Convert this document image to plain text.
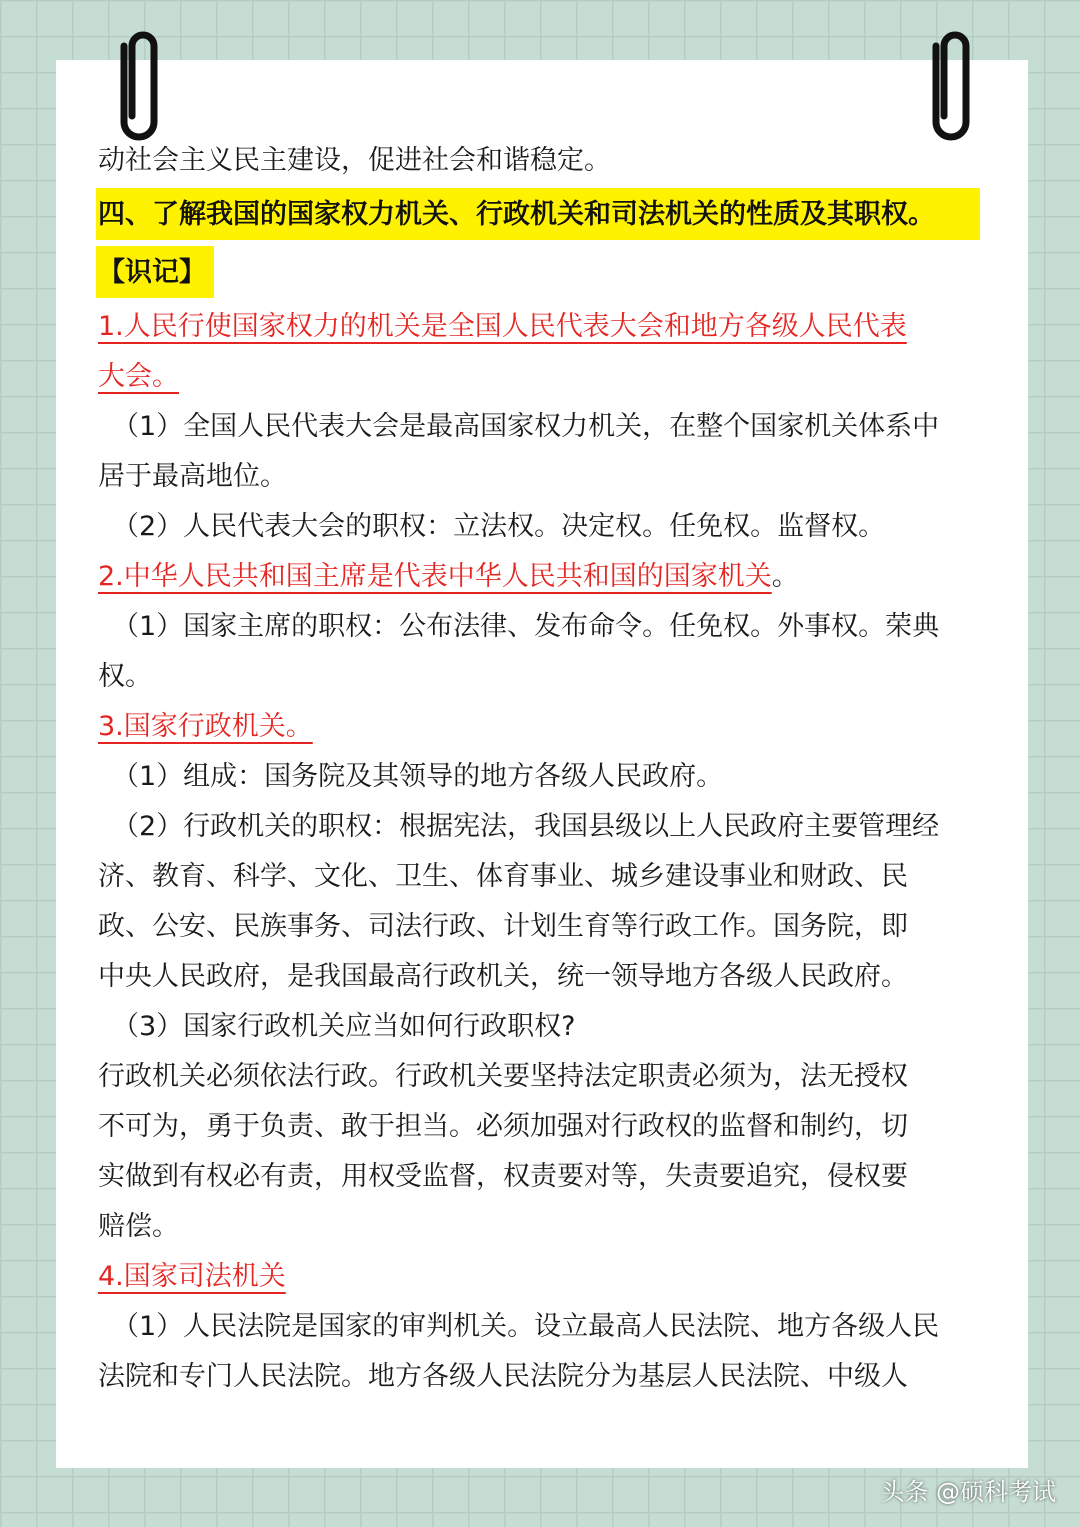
动社会主义民主建设，促进社会和谐稳定。
四、了解我国的国家权力机关、行政机关和司法机关的性质及其职权。
【识记】
1.人民行使国家权力的机关是全国人民代表大会和地方各级人民代表
大会。
（1）全国人民代表大会是最高国家权力机关，在整个国家机关体系中
居于最高地位。
（2）人民代表大会的职权：立法权。决定权。任免权。监督权。
2.中华人民共和国主席是代表中华人民共和国的国家机关。
（1）国家主席的职权：公布法律、发布命令。任免权。外事权。荣典
权。
3.国家行政机关。
（1）组成：国务院及其领导的地方各级人民政府。
（2）行政机关的职权：根据宪法，我国县级以上人民政府主要管理经
济、教育、科学、文化、卫生、体育事业、城乡建设事业和财政、民
政、公安、民族事务、司法行政、计划生育等行政工作。国务院，即
中央人民政府，是我国最高行政机关，统一领导地方各级人民政府。
（3）国家行政机关应当如何行政职权?
行政机关必须依法行政。行政机关要坚持法定职责必须为，法无授权
不可为，勇于负责、敢于担当。必须加强对行政权的监督和制约，切
实做到有权必有责，用权受监督，权责要对等，失责要追究，侵权要
赔偿。
4.国家司法机关
（1）人民法院是国家的审判机关。设立最高人民法院、地方各级人民
法院和专门人民法院。地方各级人民法院分为基层人民法院、中级人
头条 @硕科考试
